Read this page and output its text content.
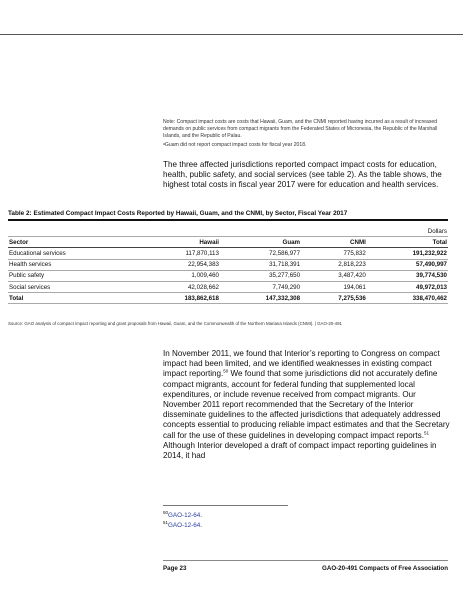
Note: Compact impact costs are costs that Hawaii, Guam, and the CNMI reported having incurred as a result of increased demands on public services from compact migrants from the Federated States of Micronesia, the Republic of the Marshall Islands, and the Republic of Palau.

ᵃGuam did not report compact impact costs for fiscal year 2018.

The three affected jurisdictions reported compact impact costs for education, health, public safety, and social services (see table 2). As the table shows, the highest total costs in fiscal year 2017 were for education and health services.
Table 2: Estimated Compact Impact Costs Reported by Hawaii, Guam, and the CNMI, by Sector, Fiscal Year 2017
Dollars				
Sector	Hawaii	Guam	CNMI	Total
Educational services	117,870,113	72,586,977	775,832	191,232,922
Health services	22,954,383	31,718,391	2,818,223	57,490,997
Public safety	1,009,460	35,277,650	3,487,420	39,774,530
Social services	42,028,662	7,749,290	194,061	49,972,013
Total	183,862,618	147,332,308	7,275,536	338,470,462
Source: GAO analysis of compact impact reporting and grant proposals from Hawaii, Guam, and the Commonwealth of the Northern Mariana Islands (CNMI). | GAO-20-491
In November 2011, we found that Interior’s reporting to Congress on compact impact had been limited, and we identified weaknesses in existing compact impact reporting.$^{50}$ We found that some jurisdictions did not accurately define compact migrants, account for federal funding that supplemented local expenditures, or include revenue received from compact migrants. Our November 2011 report recommended that the Secretary of the Interior disseminate guidelines to the affected jurisdictions that adequately addressed concepts essential to producing reliable impact estimates and that the Secretary call for the use of these guidelines in developing compact impact reports.$^{51}$ Although Interior developed a draft of compact impact reporting guidelines in 2014, it had
$^{50}$GAO-12-64.
$^{51}$GAO-12-64.
Page 23	GAO-20-491 Compacts of Free Association
